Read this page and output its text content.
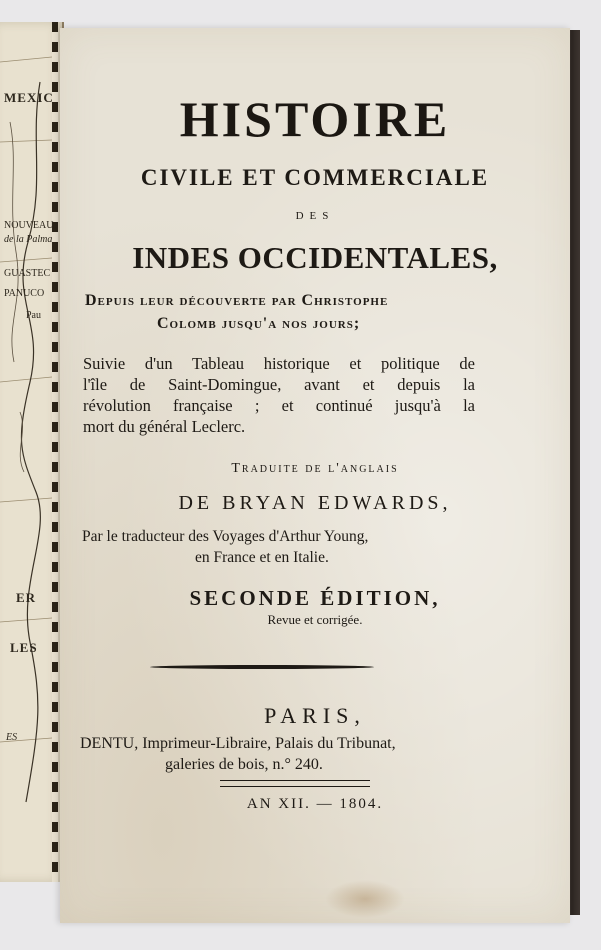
MEXIC
NOUVEAU
de la Palma
GUASTEC
PANUCO
Pau
ER
LES
ES
HISTOIRE
CIVILE ET COMMERCIALE
DES
INDES OCCIDENTALES,
Depuis leur découverte par Christophe
Colomb jusqu'a nos jours;
Suivie d'un Tableau historique et politique de
l'île de Saint-Domingue, avant et depuis la
révolution française ; et continué jusqu'à la
mort du général Leclerc.
Traduite de l'anglais
DE BRYAN EDWARDS,
Par le traducteur des Voyages d'Arthur Young,
en France et en Italie.
SECONDE ÉDITION,
Revue et corrigée.
PARIS,
DENTU, Imprimeur-Libraire, Palais du Tribunat,
galeries de bois, n.° 240.
AN XII. — 1804.
